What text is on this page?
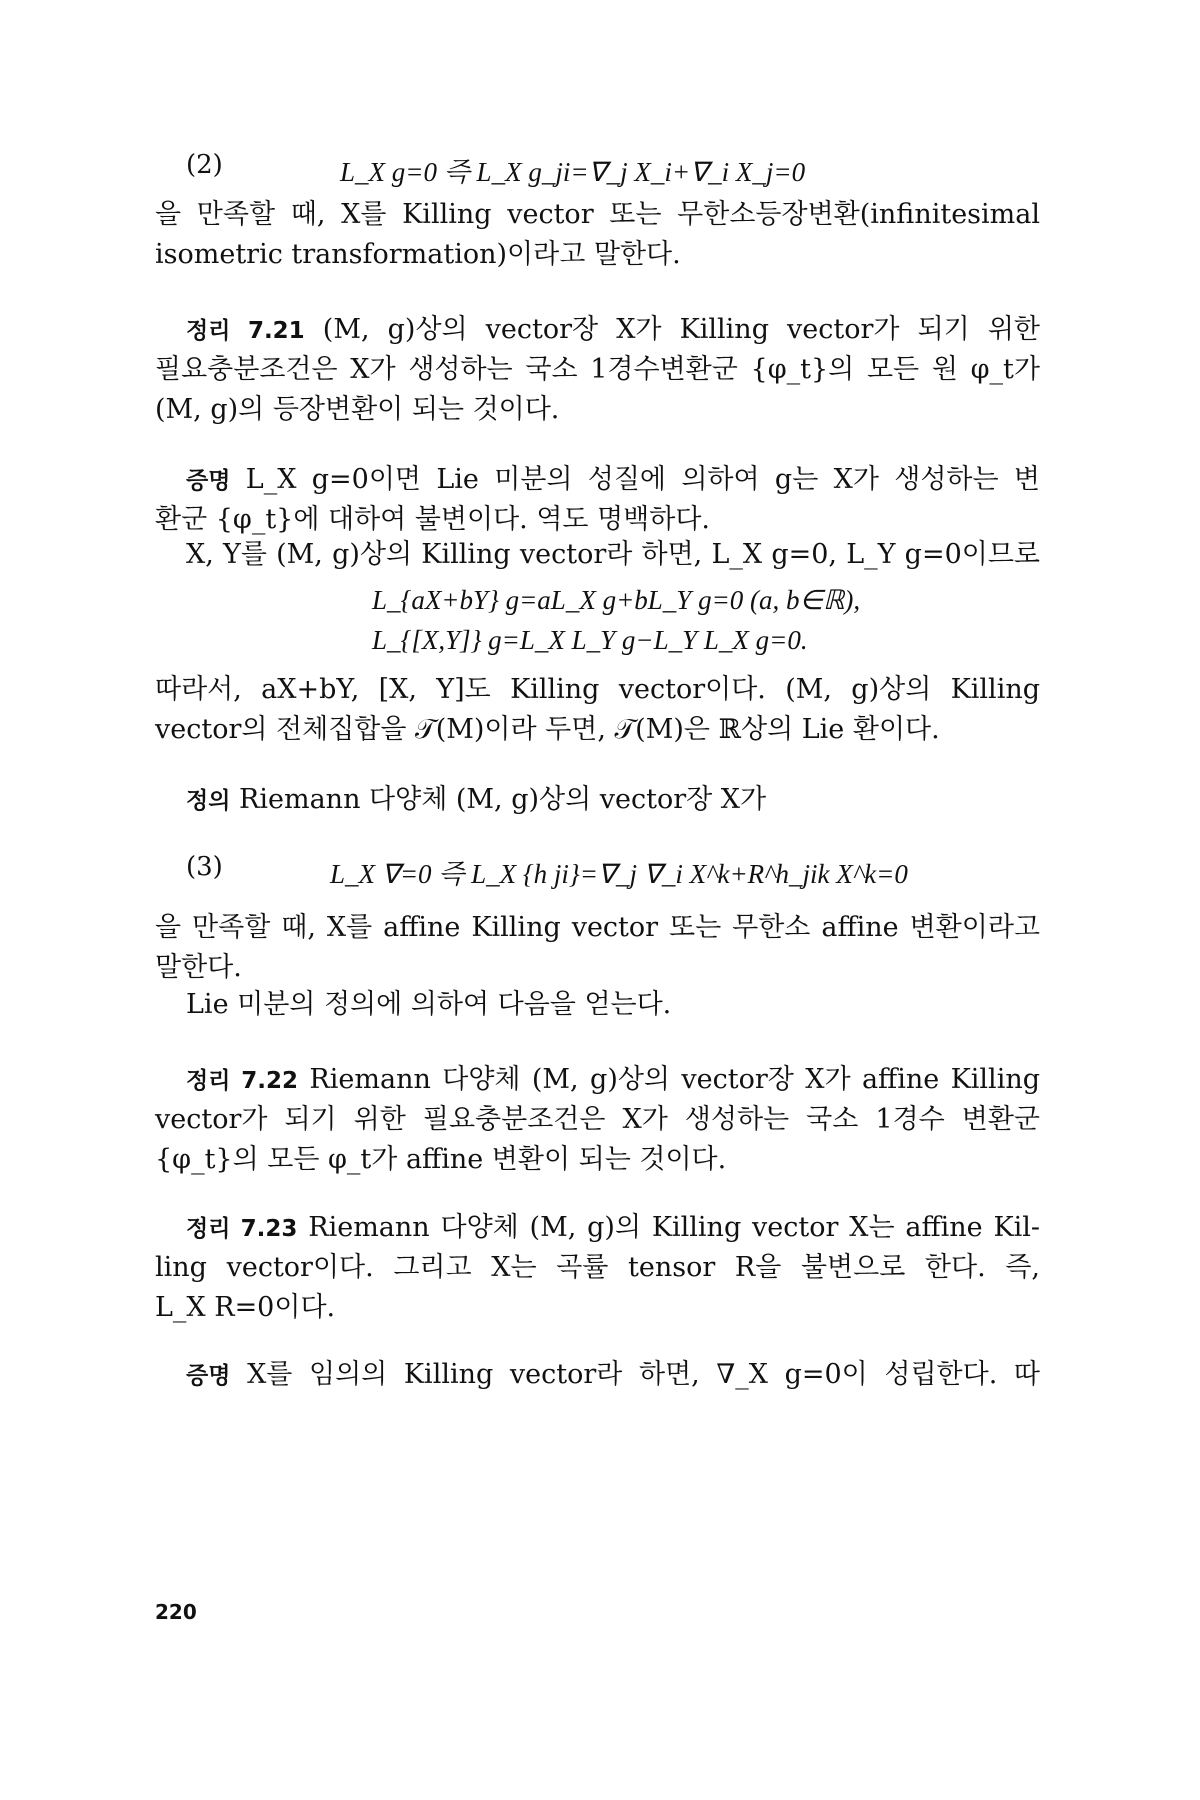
(2)	L_X g=0 즉 L_X g_ji=∇_j X_i+∇_i X_j=0
을 만족할 때, X를 Killing vector 또는 무한소등장변환(infinitesimal
isometric transformation)이라고 말한다.
정리 7.21 (M, g)상의 vector장 X가 Killing vector가 되기 위한
필요충분조건은 X가 생성하는 국소 1경수변환군 {φ_t}의 모든 원 φ_t가
(M, g)의 등장변환이 되는 것이다.
증명 L_X g=0이면 Lie 미분의 성질에 의하여 g는 X가 생성하는 변
환군 {φ_t}에 대하여 불변이다. 역도 명백하다.
X, Y를 (M, g)상의 Killing vector라 하면, L_X g=0, L_Y g=0이므로
L_{aX+bY} g=aL_X g+bL_Y g=0 (a, b∈ℝ),
L_{[X,Y]} g=L_X L_Y g−L_Y L_X g=0.
따라서, aX+bY, [X, Y]도 Killing vector이다. (M, g)상의 Killing
vector의 전체집합을 𝒯(M)이라 두면, 𝒯(M)은 ℝ상의 Lie 환이다.
정의 Riemann 다양체 (M, g)상의 vector장 X가
(3)	L_X ∇=0 즉 L_X {h ji}=∇_j ∇_i X^k+R^h_jik X^k=0
을 만족할 때, X를 affine Killing vector 또는 무한소 affine 변환이라고
말한다.
Lie 미분의 정의에 의하여 다음을 얻는다.
정리 7.22 Riemann 다양체 (M, g)상의 vector장 X가 affine Killing
vector가 되기 위한 필요충분조건은 X가 생성하는 국소 1경수 변환군
{φ_t}의 모든 φ_t가 affine 변환이 되는 것이다.
정리 7.23 Riemann 다양체 (M, g)의 Killing vector X는 affine Kil-
ling vector이다. 그리고 X는 곡률 tensor R을 불변으로 한다. 즉,
L_X R=0이다.
증명 X를 임의의 Killing vector라 하면, ∇_X g=0이 성립한다. 따
220
